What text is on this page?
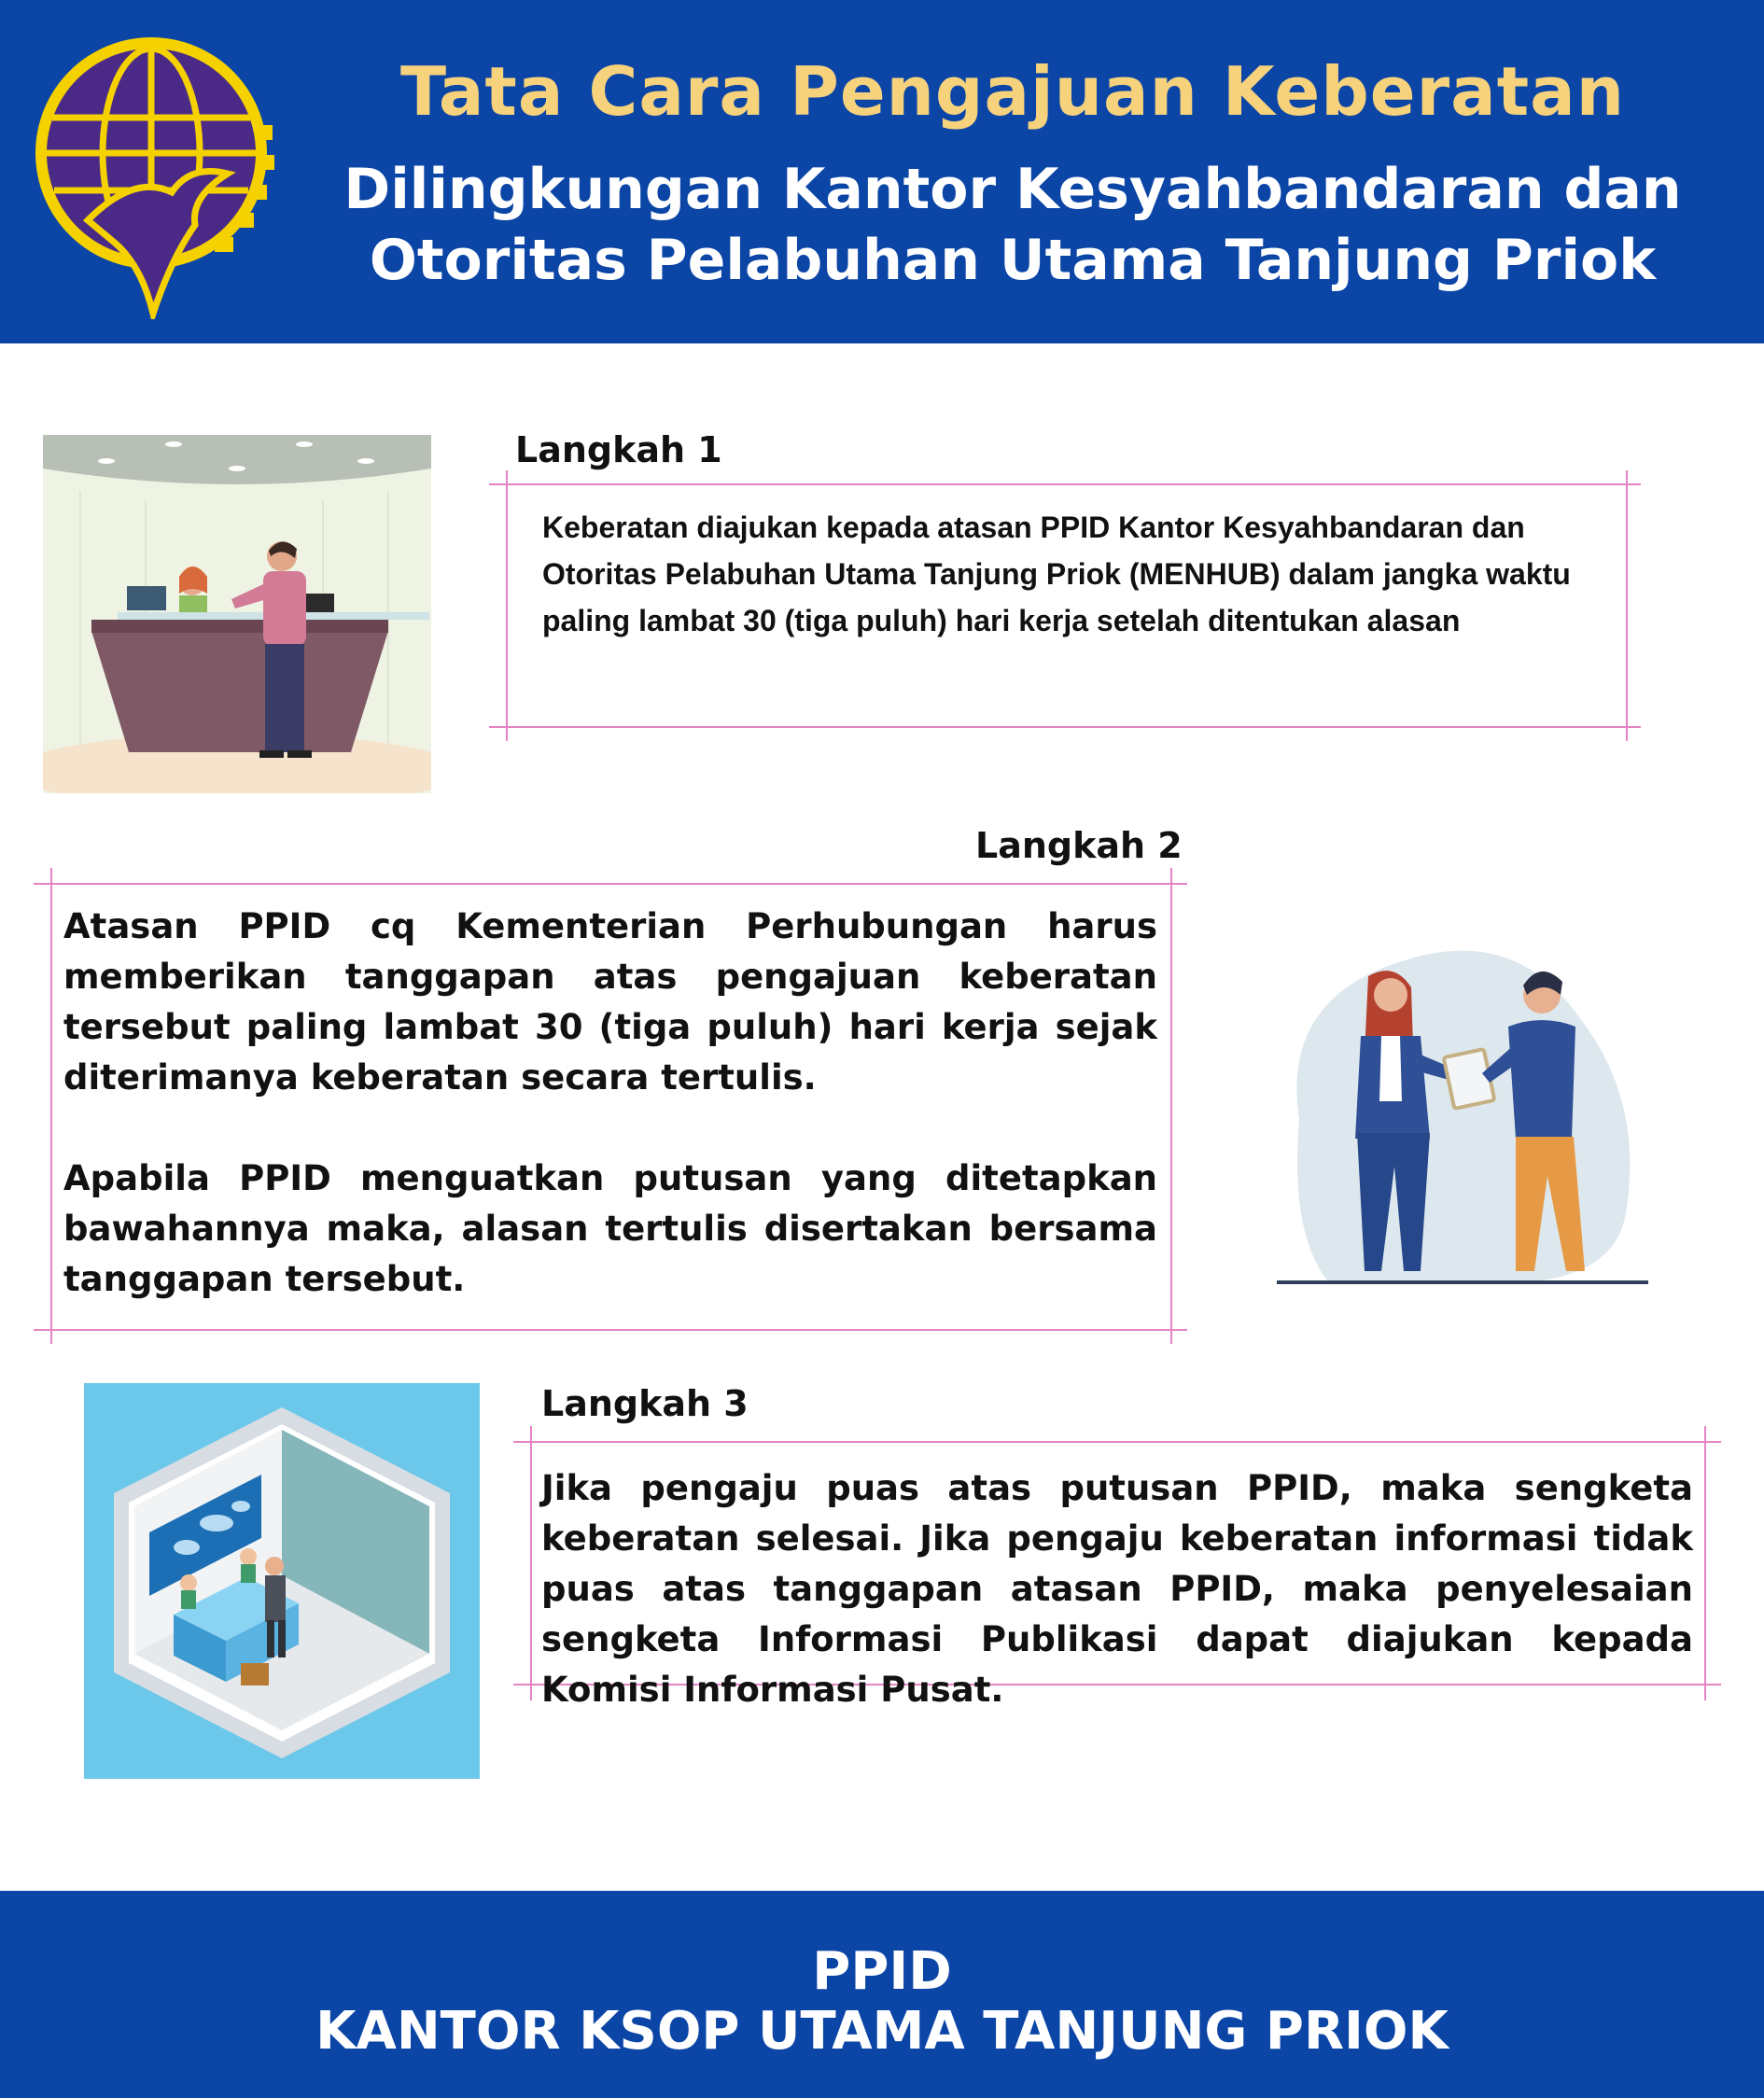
Tata Cara Pengajuan Keberatan
Dilingkungan Kantor Kesyahbandaran dan
Otoritas Pelabuhan Utama Tanjung Priok
Langkah 1
Keberatan diajukan kepada atasan PPID Kantor Kesyahbandaran dan Otoritas Pelabuhan Utama Tanjung Priok (MENHUB) dalam jangka waktu paling lambat 30 (tiga puluh) hari kerja setelah ditentukan alasan
Langkah 2

Atasan PPID cq Kementerian Perhubungan harus memberikan tanggapan atas pengajuan keberatan tersebut paling lambat 30 (tiga puluh) hari kerja sejak diterimanya keberatan secara tertulis.

Apabila PPID menguatkan putusan yang ditetapkan bawahannya maka, alasan tertulis disertakan bersama tanggapan tersebut.

Langkah 3
Jika pengaju puas atas putusan PPID, maka sengketa keberatan selesai. Jika pengaju keberatan informasi tidak puas atas tanggapan atasan PPID, maka penyelesaian sengketa Informasi Publikasi dapat diajukan kepada Komisi Informasi Pusat.
PPID
KANTOR KSOP UTAMA TANJUNG PRIOK
